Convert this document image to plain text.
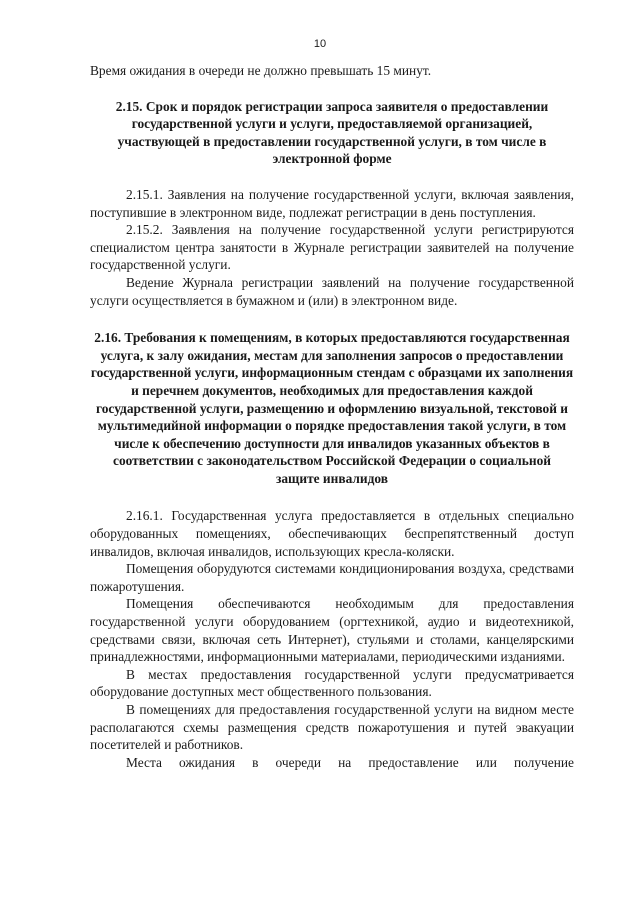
10

Время ожидания в очереди не должно превышать 15 минут.

2.15. Срок и порядок регистрации запроса заявителя о предоставлении государственной услуги и услуги, предоставляемой организацией, участвующей в предоставлении государственной услуги, в том числе в электронной форме

2.15.1. Заявления на получение государственной услуги, включая заявления, поступившие в электронном виде, подлежат регистрации в день поступления.

2.15.2. Заявления на получение государственной услуги регистрируются специалистом центра занятости в Журнале регистрации заявителей на получение государственной услуги.

Ведение Журнала регистрации заявлений на получение государственной услуги осуществляется в бумажном и (или) в электронном виде.

2.16. Требования к помещениям, в которых предоставляются государственная услуга, к залу ожидания, местам для заполнения запросов о предоставлении государственной услуги, информационным стендам с образцами их заполнения и перечнем документов, необходимых для предоставления каждой государственной услуги, размещению и оформлению визуальной, текстовой и мультимедийной информации о порядке предоставления такой услуги, в том числе к обеспечению доступности для инвалидов указанных объектов в соответствии с законодательством Российской Федерации о социальной защите инвалидов

2.16.1. Государственная услуга предоставляется в отдельных специально оборудованных помещениях, обеспечивающих беспрепятственный доступ инвалидов, включая инвалидов, использующих кресла-коляски.

Помещения оборудуются системами кондиционирования воздуха, средствами пожаротушения.

Помещения обеспечиваются необходимым для предоставления государственной услуги оборудованием (оргтехникой, аудио и видеотехникой, средствами связи, включая сеть Интернет), стульями и столами, канцелярскими принадлежностями, информационными материалами, периодическими изданиями.

В местах предоставления государственной услуги предусматривается оборудование доступных мест общественного пользования.

В помещениях для предоставления государственной услуги на видном месте располагаются схемы размещения средств пожаротушения и путей эвакуации посетителей и работников.

Места ожидания в очереди на предоставление или получение
